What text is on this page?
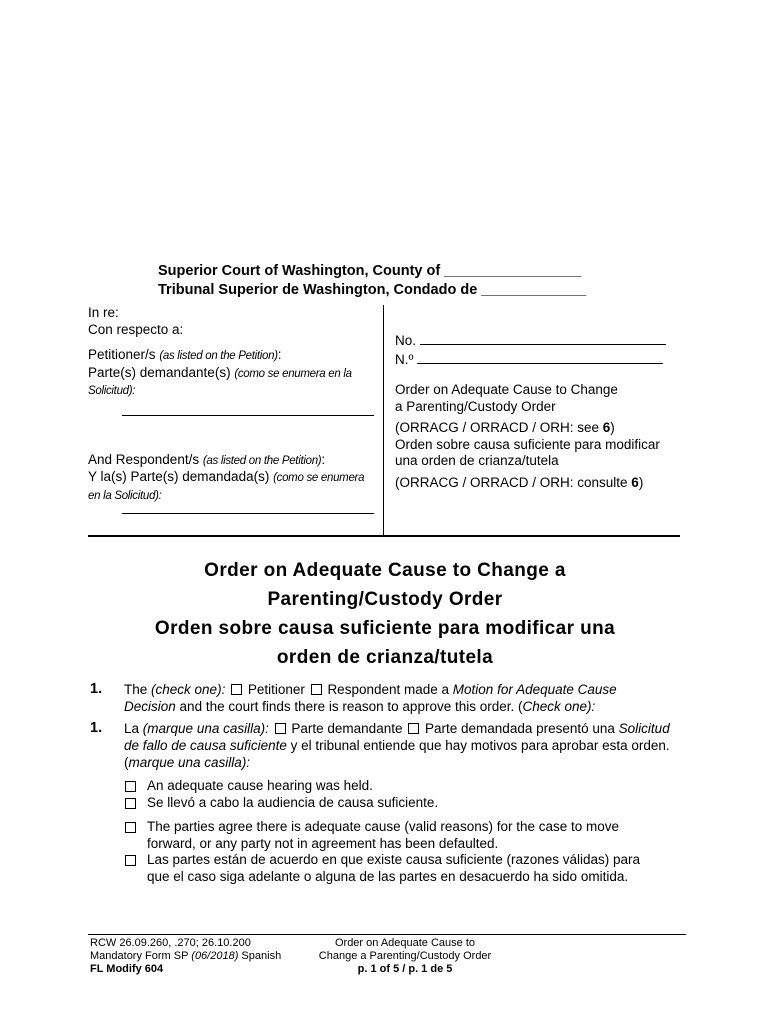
Superior Court of Washington, County of _________________
Tribunal Superior de Washington, Condado de _____________
In re:
Con respecto a:
Petitioner/s (as listed on the Petition):
Parte(s) demandante(s) (como se enumera en la Solicitud):
And Respondent/s (as listed on the Petition):
Y la(s) Parte(s) demandada(s) (como se enumera en la Solicitud):
No.
N.º
Order on Adequate Cause to Change
a Parenting/Custody Order
(ORRACG / ORRACD / ORH: see 6)
Orden sobre causa suficiente para modificar
una orden de crianza/tutela
(ORRACG / ORRACD / ORH: consulte 6)
Order on Adequate Cause to Change a
Parenting/Custody Order
Orden sobre causa suficiente para modificar una
orden de crianza/tutela
1. The (check one): Petitioner Respondent made a Motion for Adequate Cause Decision and the court finds there is reason to approve this order. (Check one):
1. La (marque una casilla): Parte demandante Parte demandada presentó una Solicitud de fallo de causa suficiente y el tribunal entiende que hay motivos para aprobar esta orden. (marque una casilla):
An adequate cause hearing was held.
Se llevó a cabo la audiencia de causa suficiente.
The parties agree there is adequate cause (valid reasons) for the case to move forward, or any party not in agreement has been defaulted.
Las partes están de acuerdo en que existe causa suficiente (razones válidas) para que el caso siga adelante o alguna de las partes en desacuerdo ha sido omitida.
RCW 26.09.260, .270; 26.10.200
Mandatory Form SP (06/2018) Spanish
FL Modify 604
Order on Adequate Cause to
Change a Parenting/Custody Order
p. 1 of 5 / p. 1 de 5
